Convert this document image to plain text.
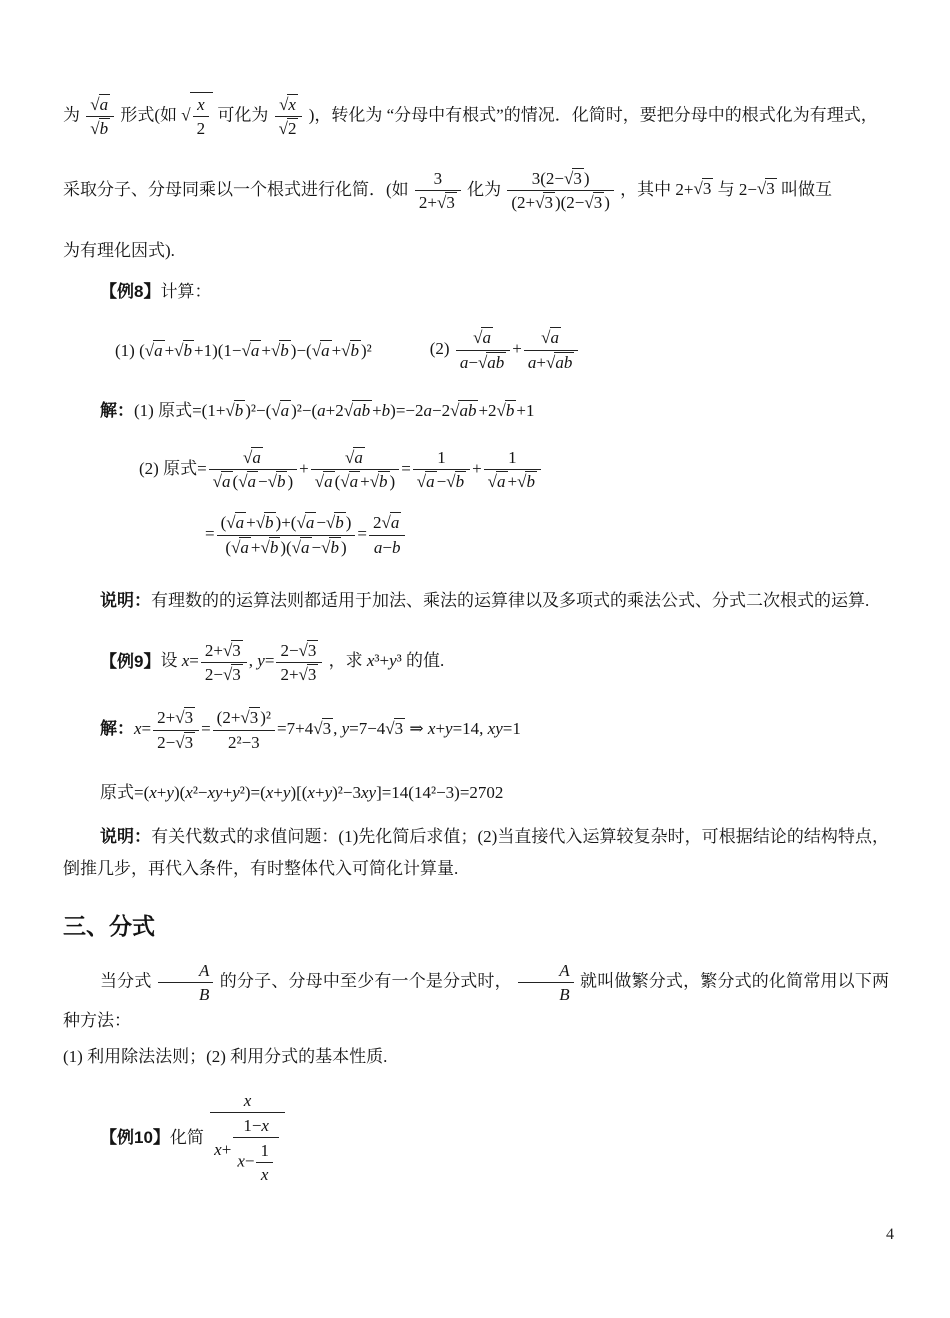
为 $\frac{√a}{√b}$ 形式(如 √ $\frac{x}{2}$ 可化为 $\frac{√x}{√2}$ )，转化为 “分母中有根式”的情况．化简时，要把分母中的根式化为有理式，

采取分子、分母同乘以一个根式进行化简．(如 $\frac{3}{2+√3}$ 化为 $\frac{3(2-√3 )}{(2+√3 )(2-√3 )}$ ，其中 2+√3 与 2−√3 叫做互

为有理化因式).

【例8】计算：

(1) (√a +√b +1)(1−√a +√b )−(√a +√b )²	$(2) \frac{√a}{a-√ab} + \frac{√a}{a+√ab}$

解：(1) 原式=(1+√b )²−(√a )²−(a+2√ab +b)=−2a−2√ab +2√b +1

(2) 原式= $\frac{√a}{√a (√a -√b )} + \frac{√a}{√a (√a +√b )} = \frac{1}{√a -√b} + \frac{1}{√a +√b}$

= $\frac{(√a +√b )+(√a -√b )}{(√a +√b )(√a -√b )} = \frac{2√a}{a-b}$

说明：有理数的的运算法则都适用于加法、乘法的运算律以及多项式的乘法公式、分式二次根式的运算.

【例9】设 $x= \frac{2+√3}{2-√3}$ , $y= \frac{2-√3}{2+√3}$ ，求 x³+y³ 的值.

解：$x= \frac{2+√3}{2-√3} = \frac{\text{(2+√3 )²}}{\text{2²−3}} =7+4√3$ , y=7−4√3 ⇒ x+y=14, xy=1

原式=(x+y)(x²−xy+y²)=(x+y)[(x+y)²−3xy]=14(14²−3)=2702

说明：有关代数式的求值问题：(1)先化简后求值；(2)当直接代入运算较复杂时，可根据结论的结构特点，倒推几步，再代入条件，有时整体代入可简化计算量.

三、分式

当分式 $\frac{A}{B}$ 的分子、分母中至少有一个是分式时， $\frac{A}{B}$ 就叫做繁分式，繁分式的化简常用以下两种方法：

(1) 利用除法法则；(2) 利用分式的基本性质.

【例10】化简 $\frac{x}{x+ \frac{1-x}{x- \frac{1}{x}}}$

4
